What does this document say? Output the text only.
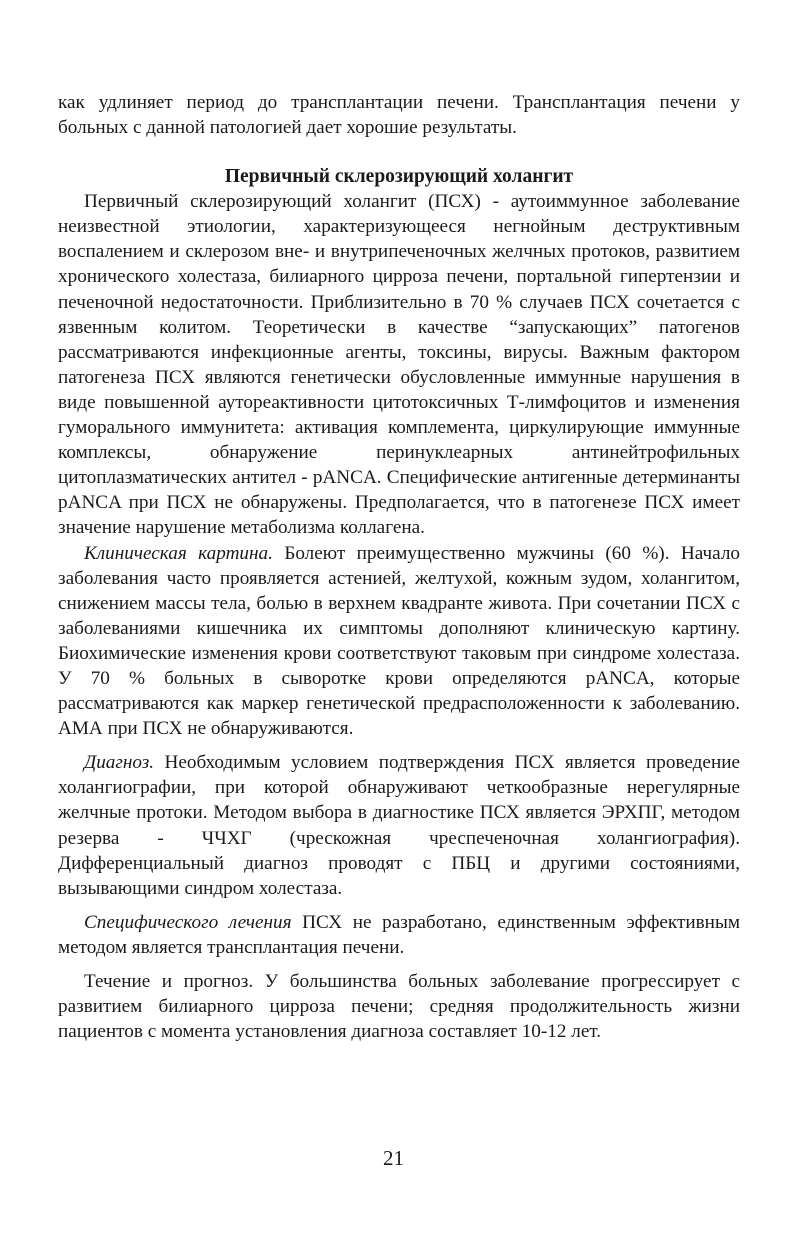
как удлиняет период до трансплантации печени. Трансплантация печени у больных с данной патологией дает хорошие результаты.

Первичный склерозирующий холангит

Первичный склерозирующий холангит (ПСХ) - аутоиммунное заболевание неизвестной этиологии, характеризующееся негнойным деструктивным воспалением и склерозом вне- и внутрипеченочных желчных протоков, развитием хронического холестаза, билиарного цирроза печени, портальной гипертензии и печеночной недостаточности. Приблизительно в 70 % случаев ПСХ сочетается с язвенным колитом. Теоретически в качестве “запускающих” патогенов рассматриваются инфекционные агенты, токсины, вирусы. Важным фактором патогенеза ПСХ являются генетически обусловленные иммунные нарушения в виде повышенной аутореактивности цитотоксичных Т-лимфоцитов и изменения гуморального иммунитета: активация комплемента, циркулирующие иммунные комплексы, обнаружение перинуклеарных антинейтрофильных цитоплазматических антител - pANCA. Специфические антигенные детерминанты pANCA при ПСХ не обнаружены. Предполагается, что в патогенезе ПСХ имеет значение нарушение метаболизма коллагена.

Клиническая картина. Болеют преимущественно мужчины (60 %). Начало заболевания часто проявляется астенией, желтухой, кожным зудом, холангитом, снижением массы тела, болью в верхнем квадранте живота. При сочетании ПСХ с заболеваниями кишечника их симптомы дополняют клиническую картину. Биохимические изменения крови соответствуют таковым при синдроме холестаза. У 70 % больных в сыворотке крови определяются pANCA, которые рассматриваются как маркер генетической предрасположенности к заболеванию. АМА при ПСХ не обнаруживаются.

Диагноз. Необходимым условием подтверждения ПСХ является проведение холангиографии, при которой обнаруживают четкообразные нерегулярные желчные протоки. Методом выбора в диагностике ПСХ является ЭРХПГ, методом резерва - ЧЧХГ (чрескожная чреспеченочная холангиография). Дифференциальный диагноз проводят с ПБЦ и другими состояниями, вызывающими синдром холестаза.

Специфического лечения ПСХ не разработано, единственным эффективным методом является трансплантация печени.

Течение и прогноз. У большинства больных заболевание прогрессирует с развитием билиарного цирроза печени; средняя продолжительность жизни пациентов с момента установления диагноза составляет 10-12 лет.

21
